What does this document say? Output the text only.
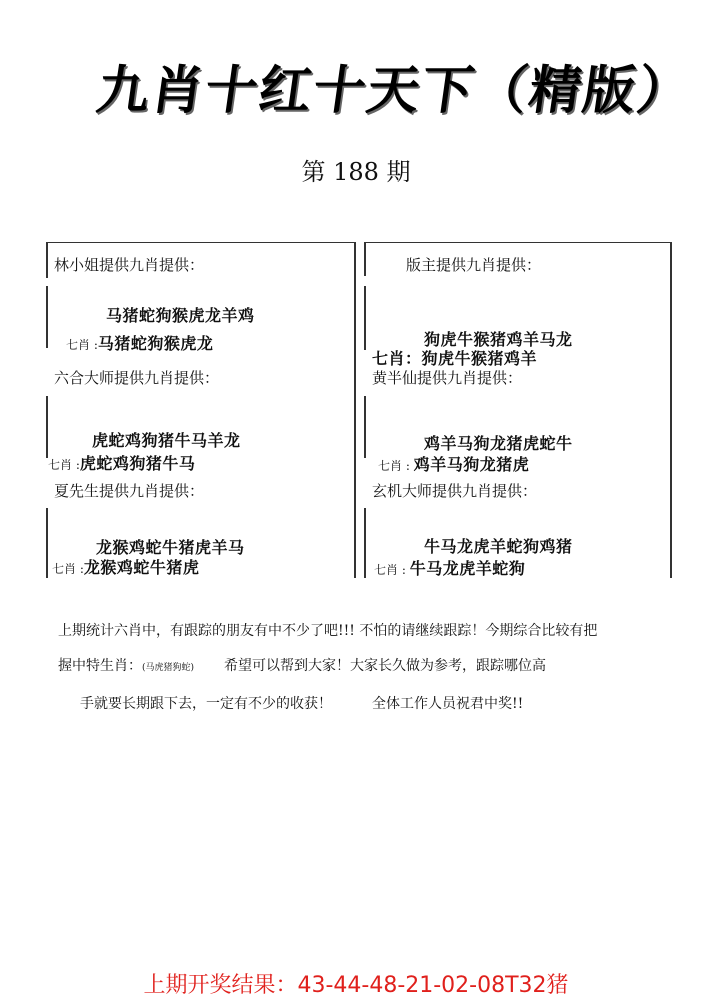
九肖十红十天下（精版）
第 188 期
林小姐提供九肖提供：
马猪蛇狗猴虎龙羊鸡
七肖 :马猪蛇狗猴虎龙
六合大师提供九肖提供：
虎蛇鸡狗猪牛马羊龙
七肖 :虎蛇鸡狗猪牛马
夏先生提供九肖提供：
龙猴鸡蛇牛猪虎羊马
七肖 :龙猴鸡蛇牛猪虎
版主提供九肖提供：
狗虎牛猴猪鸡羊马龙
七肖：狗虎牛猴猪鸡羊
黄半仙提供九肖提供：
鸡羊马狗龙猪虎蛇牛
七肖 : 鸡羊马狗龙猪虎
玄机大师提供九肖提供：
牛马龙虎羊蛇狗鸡猪
七肖 : 牛马龙虎羊蛇狗
上期统计六肖中，有跟踪的朋友有中不少了吧!!! 不怕的请继续跟踪！今期综合比较有把
握中特生肖：(马虎猪狗蛇) 希望可以帮到大家！大家长久做为参考，跟踪哪位高
手就要长期跟下去，一定有不少的收获！	全体工作人员祝君中奖!!
上期开奖结果：43-44-48-21-02-08T32猪
